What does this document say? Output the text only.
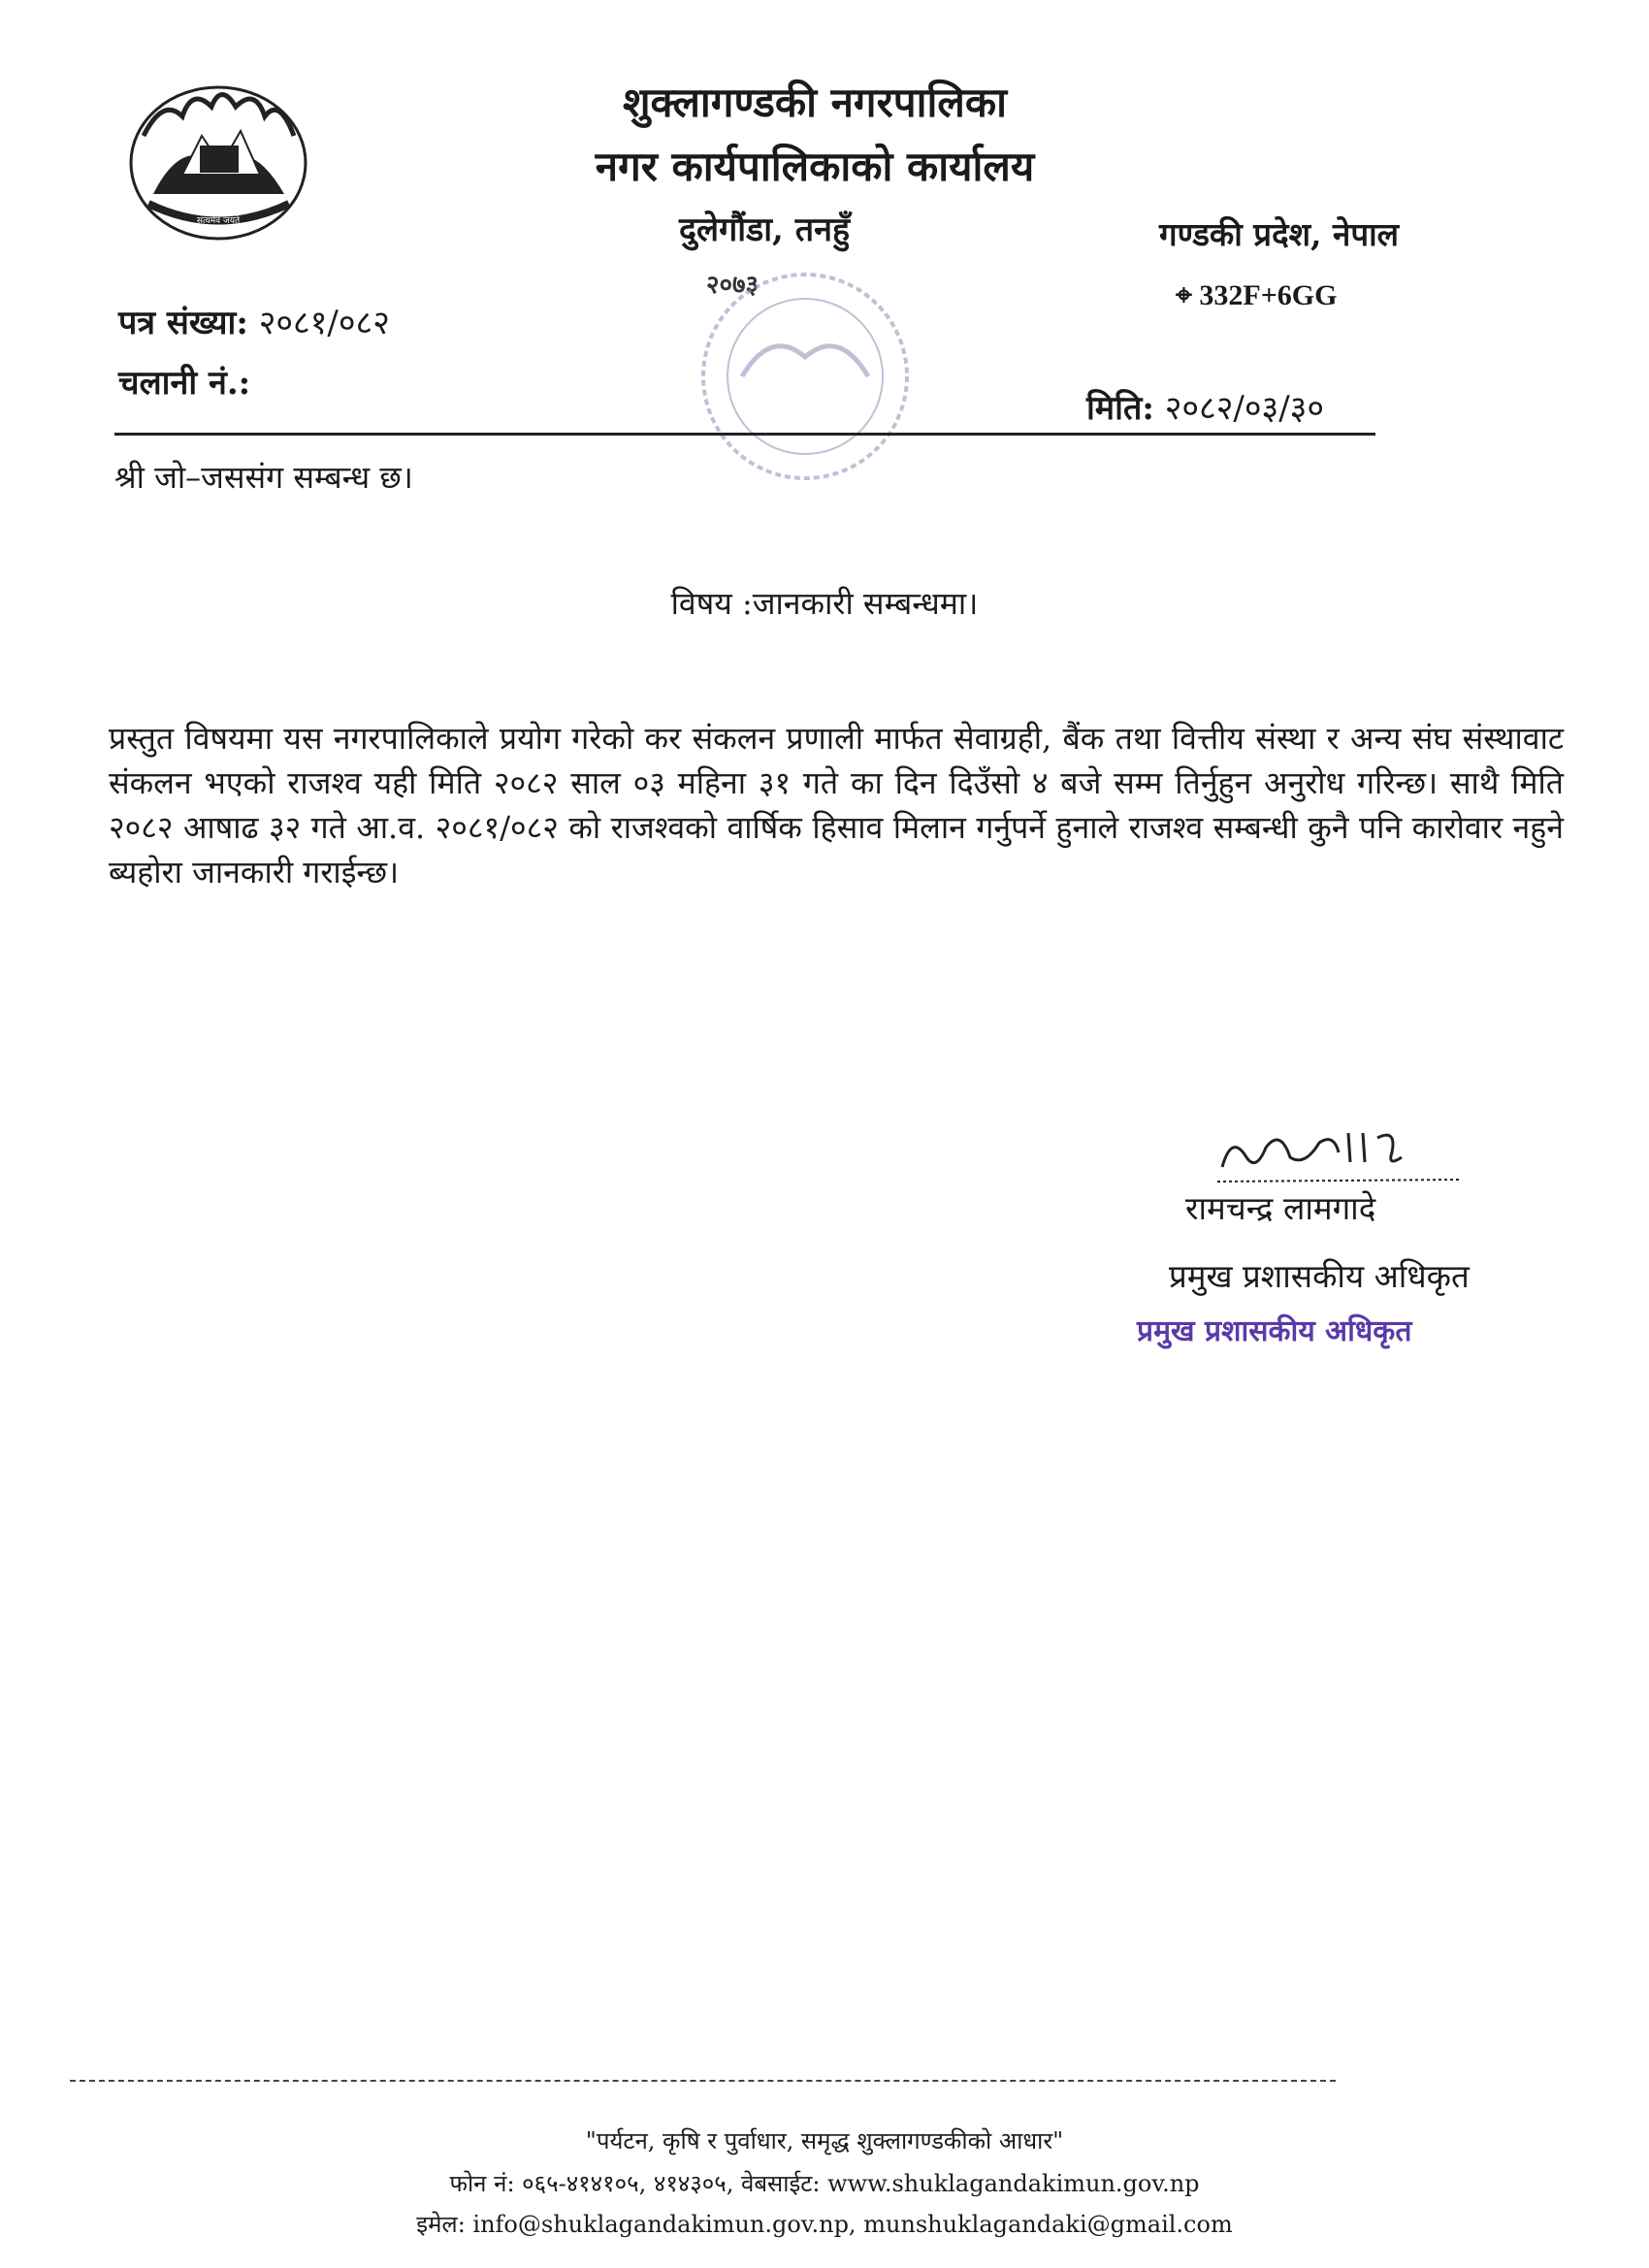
सत्यमेव जयते
शुक्लागण्डकी नगरपालिका
नगर कार्यपालिकाको कार्यालय
दुलेगौंडा, तनहुँ	गण्डकी प्रदेश, नेपाल
२०७३	⌖ 332F+6GG
पत्र संख्या: २०८१/०८२
चलानी नं.:
मिति: २०८२/०३/३०
श्री जो–जससंग सम्बन्ध छ।
विषय :जानकारी सम्बन्धमा।
प्रस्तुत विषयमा यस नगरपालिकाले प्रयोग गरेको कर संकलन प्रणाली मार्फत सेवाग्रही, बैंक तथा वित्तीय संस्था र अन्य संघ संस्थावाट संकलन भएको राजश्व यही मिति २०८२ साल ०३ महिना ३१ गते का दिन दिउँसो ४ बजे सम्म तिर्नुहुन अनुरोध गरिन्छ। साथै मिति २०८२ आषाढ ३२ गते आ.व. २०८१/०८२ को राजश्वको वार्षिक हिसाव मिलान गर्नुपर्ने हुनाले राजश्व सम्बन्धी कुनै पनि कारोवार नहुने ब्यहोरा जानकारी गराईन्छ।
रामचन्द्र लामगादे
प्रमुख प्रशासकीय अधिकृत
प्रमुख प्रशासकीय अधिकृत
"पर्यटन, कृषि र पुर्वाधार, समृद्ध शुक्लागण्डकीको आधार"
फोन नं: ०६५-४१४१०५, ४१४३०५, वेबसाईट: www.shuklagandakimun.gov.np
इमेल: info@shuklagandakimun.gov.np, munshuklagandaki@gmail.com
